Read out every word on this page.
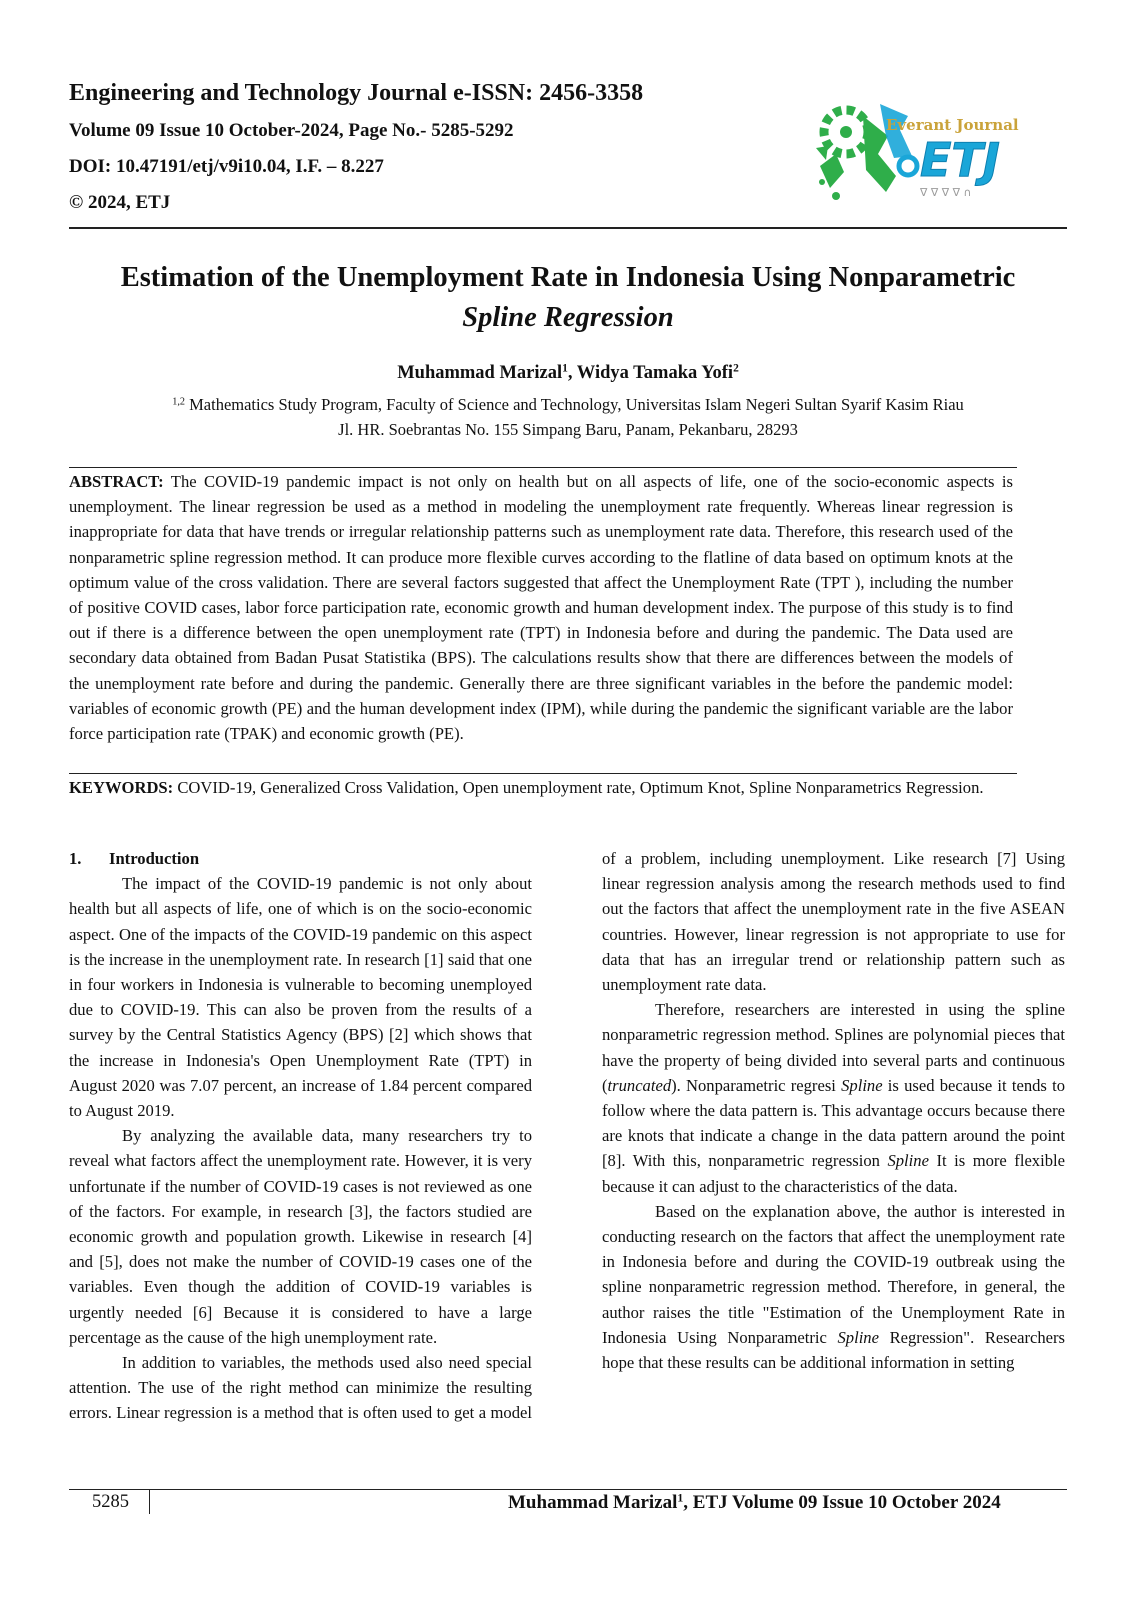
Engineering and Technology Journal e-ISSN: 2456-3358
Volume 09 Issue 10 October-2024, Page No.- 5285-5292
DOI: 10.47191/etj/v9i10.04, I.F. – 8.227
© 2024, ETJ
Everant Journal
ETJ
∇ ∇ ∇ ∇ ∩
Estimation of the Unemployment Rate in Indonesia Using Nonparametric
Spline Regression
Muhammad Marizal$^1$, Widya Tamaka Yofi$^2$
$^{1,2}$ Mathematics Study Program, Faculty of Science and Technology, Universitas Islam Negeri Sultan Syarif Kasim Riau
Jl. HR. Soebrantas No. 155 Simpang Baru, Panam, Pekanbaru, 28293
ABSTRACT: The COVID-19 pandemic impact is not only on health but on all aspects of life, one of the socio-economic aspects is unemployment. The linear regression be used as a method in modeling the unemployment rate frequently. Whereas linear regression is inappropriate for data that have trends or irregular relationship patterns such as unemployment rate data. Therefore, this research used of the nonparametric spline regression method. It can produce more flexible curves according to the flatline of data based on optimum knots at the optimum value of the cross validation. There are several factors suggested that affect the Unemployment Rate (TPT ), including the number of positive COVID cases, labor force participation rate, economic growth and human development index. The purpose of this study is to find out if there is a difference between the open unemployment rate (TPT) in Indonesia before and during the pandemic. The Data used are secondary data obtained from Badan Pusat Statistika (BPS). The calculations results show that there are differences between the models of the unemployment rate before and during the pandemic. Generally there are three significant variables in the before the pandemic model: variables of economic growth (PE) and the human development index (IPM), while during the pandemic the significant variable are the labor force participation rate (TPAK) and economic growth (PE).
KEYWORDS: COVID-19, Generalized Cross Validation, Open unemployment rate, Optimum Knot, Spline Nonparametrics Regression.

1. Introduction

The impact of the COVID-19 pandemic is not only about health but all aspects of life, one of which is on the socio-economic aspect. One of the impacts of the COVID-19 pandemic on this aspect is the increase in the unemployment rate. In research [1] said that one in four workers in Indonesia is vulnerable to becoming unemployed due to COVID-19. This can also be proven from the results of a survey by the Central Statistics Agency (BPS) [2] which shows that the increase in Indonesia's Open Unemployment Rate (TPT) in August 2020 was 7.07 percent, an increase of 1.84 percent compared to August 2019.

By analyzing the available data, many researchers try to reveal what factors affect the unemployment rate. However, it is very unfortunate if the number of COVID-19 cases is not reviewed as one of the factors. For example, in research [3], the factors studied are economic growth and population growth. Likewise in research [4] and [5], does not make the number of COVID-19 cases one of the variables. Even though the addition of COVID-19 variables is urgently needed [6] Because it is considered to have a large percentage as the cause of the high unemployment rate.

In addition to variables, the methods used also need special attention. The use of the right method can minimize the resulting errors. Linear regression is a method that is often used to get a model

of a problem, including unemployment. Like research [7] Using linear regression analysis among the research methods used to find out the factors that affect the unemployment rate in the five ASEAN countries. However, linear regression is not appropriate to use for data that has an irregular trend or relationship pattern such as unemployment rate data.

Therefore, researchers are interested in using the spline nonparametric regression method. Splines are polynomial pieces that have the property of being divided into several parts and continuous (truncated). Nonparametric regresi Spline is used because it tends to follow where the data pattern is. This advantage occurs because there are knots that indicate a change in the data pattern around the point [8]. With this, nonparametric regression Spline It is more flexible because it can adjust to the characteristics of the data.

Based on the explanation above, the author is interested in conducting research on the factors that affect the unemployment rate in Indonesia before and during the COVID-19 outbreak using the spline nonparametric regression method. Therefore, in general, the author raises the title "Estimation of the Unemployment Rate in Indonesia Using Nonparametric Spline Regression". Researchers hope that these results can be additional information in setting

5285	Muhammad Marizal$^1$, ETJ Volume 09 Issue 10 October 2024
